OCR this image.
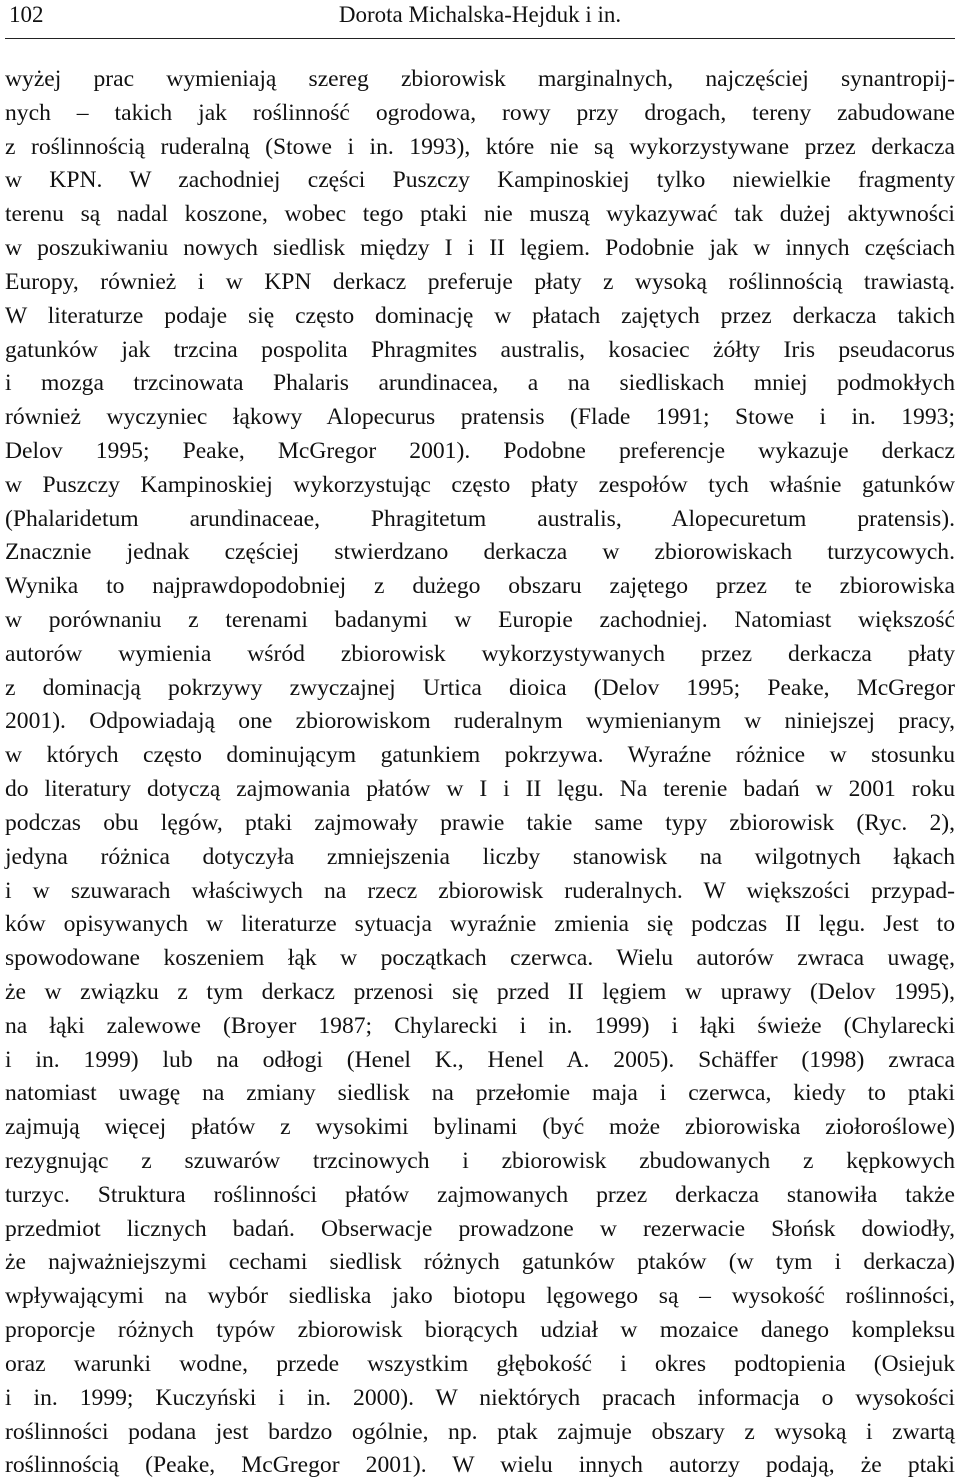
102	Dorota Michalska-Hejduk i in.
wyżej prac wymieniają szereg zbiorowisk marginalnych, najczęściej synantropij-
nych – takich jak roślinność ogrodowa, rowy przy drogach, tereny zabudowane
z roślinnością ruderalną (Stowe i in. 1993), które nie są wykorzystywane przez derkacza
w KPN. W zachodniej części Puszczy Kampinoskiej tylko niewielkie fragmenty
terenu są nadal koszone, wobec tego ptaki nie muszą wykazywać tak dużej aktywności
w poszukiwaniu nowych siedlisk między I i II lęgiem. Podobnie jak w innych częściach
Europy, również i w KPN derkacz preferuje płaty z wysoką roślinnością trawiastą.
W literaturze podaje się często dominację w płatach zajętych przez derkacza takich
gatunków jak trzcina pospolita Phragmites australis, kosaciec żółty Iris pseudacorus
i mozga trzcinowata Phalaris arundinacea, a na siedliskach mniej podmokłych
również wyczyniec łąkowy Alopecurus pratensis (Flade 1991; Stowe i in. 1993;
Delov 1995; Peake, McGregor 2001). Podobne preferencje wykazuje derkacz
w Puszczy Kampinoskiej wykorzystując często płaty zespołów tych właśnie gatunków
(Phalaridetum arundinaceae, Phragitetum australis, Alopecuretum pratensis).
Znacznie jednak częściej stwierdzano derkacza w zbiorowiskach turzycowych.
Wynika to najprawdopodobniej z dużego obszaru zajętego przez te zbiorowiska
w porównaniu z terenami badanymi w Europie zachodniej. Natomiast większość
autorów wymienia wśród zbiorowisk wykorzystywanych przez derkacza płaty
z dominacją pokrzywy zwyczajnej Urtica dioica (Delov 1995; Peake, McGregor
2001). Odpowiadają one zbiorowiskom ruderalnym wymienianym w niniejszej pracy,
w których często dominującym gatunkiem pokrzywa. Wyraźne różnice w stosunku
do literatury dotyczą zajmowania płatów w I i II lęgu. Na terenie badań w 2001 roku
podczas obu lęgów, ptaki zajmowały prawie takie same typy zbiorowisk (Ryc. 2),
jedyna różnica dotyczyła zmniejszenia liczby stanowisk na wilgotnych łąkach
i w szuwarach właściwych na rzecz zbiorowisk ruderalnych. W większości przypad-
ków opisywanych w literaturze sytuacja wyraźnie zmienia się podczas II lęgu. Jest to
spowodowane koszeniem łąk w początkach czerwca. Wielu autorów zwraca uwagę,
że w związku z tym derkacz przenosi się przed II lęgiem w uprawy (Delov 1995),
na łąki zalewowe (Broyer 1987; Chylarecki i in. 1999) i łąki świeże (Chylarecki
i in. 1999) lub na odłogi (Henel K., Henel A. 2005). Schäffer (1998) zwraca
natomiast uwagę na zmiany siedlisk na przełomie maja i czerwca, kiedy to ptaki
zajmują więcej płatów z wysokimi bylinami (być może zbiorowiska ziołoroślowe)
rezygnując z szuwarów trzcinowych i zbiorowisk zbudowanych z kępkowych
turzyc. Struktura roślinności płatów zajmowanych przez derkacza stanowiła także
przedmiot licznych badań. Obserwacje prowadzone w rezerwacie Słońsk dowiodły,
że najważniejszymi cechami siedlisk różnych gatunków ptaków (w tym i derkacza)
wpływającymi na wybór siedliska jako biotopu lęgowego są – wysokość roślinności,
proporcje różnych typów zbiorowisk biorących udział w mozaice danego kompleksu
oraz warunki wodne, przede wszystkim głębokość i okres podtopienia (Osiejuk
i in. 1999; Kuczyński i in. 2000). W niektórych pracach informacja o wysokości
roślinności podana jest bardzo ogólnie, np. ptak zajmuje obszary z wysoką i zwartą
roślinnością (Peake, McGregor 2001). W wielu innych autorzy podają, że ptaki
